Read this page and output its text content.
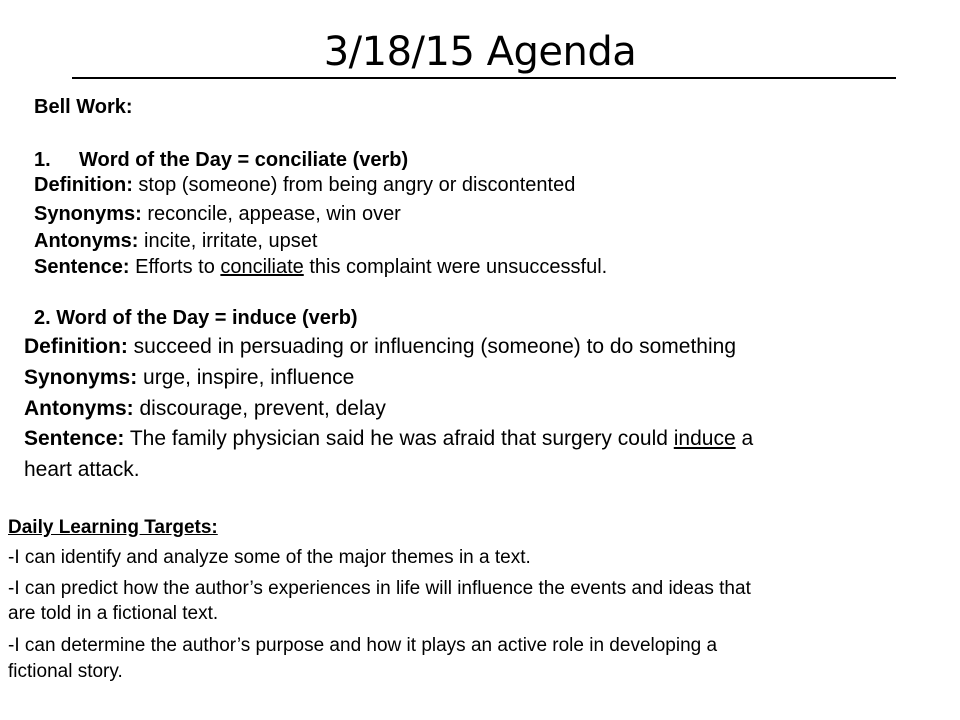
3/18/15 Agenda
Bell Work:
1. Word of the Day = conciliate (verb)
Definition: stop (someone) from being angry or discontented
Synonyms: reconcile, appease, win over
Antonyms: incite, irritate, upset
Sentence: Efforts to conciliate this complaint were unsuccessful.
2. Word of the Day = induce (verb)
Definition: succeed in persuading or influencing (someone) to do something
Synonyms: urge, inspire, influence
Antonyms: discourage, prevent, delay
Sentence: The family physician said he was afraid that surgery could induce a
heart attack.
Daily Learning Targets:
-I can identify and analyze some of the major themes in a text.
-I can predict how the author’s experiences in life will influence the events and ideas that
are told in a fictional text.
-I can determine the author’s purpose and how it plays an active role in developing a
fictional story.
